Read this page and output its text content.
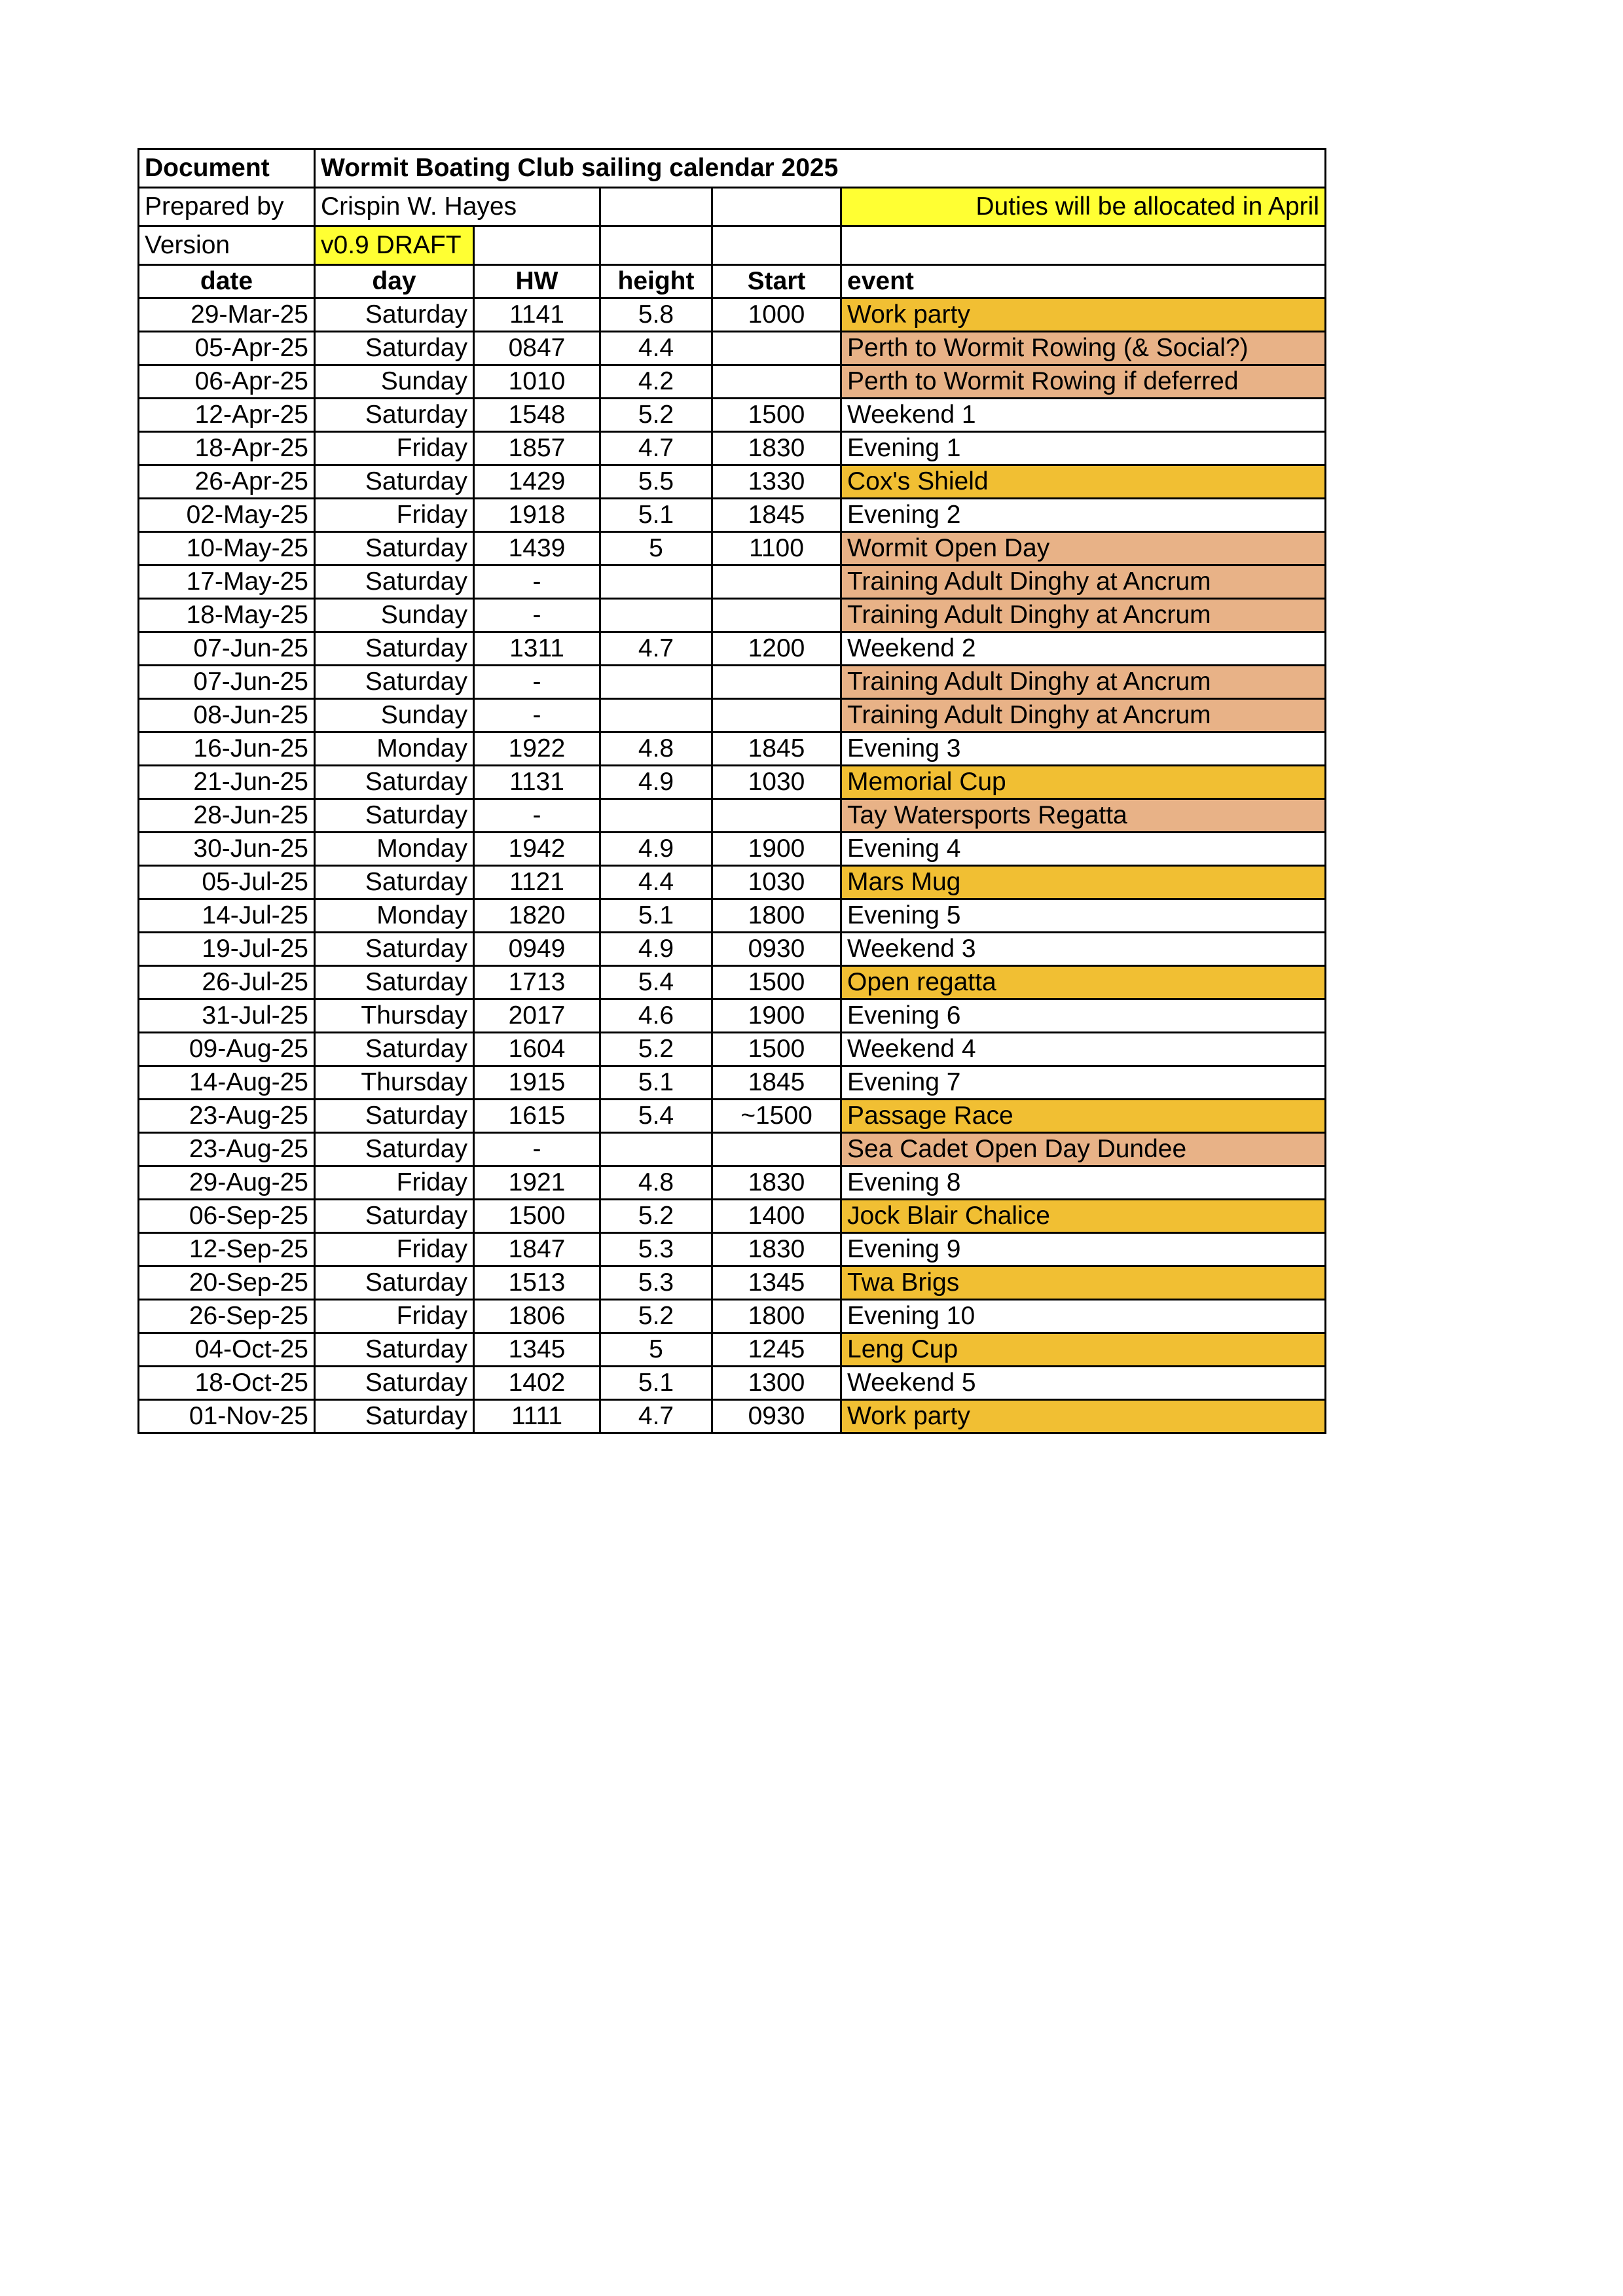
Document	Wormit Boating Club sailing calendar 2025				
Prepared by	Crispin W. Hayes				Duties will be allocated in April
Version	v0.9 DRAFT				
date	day	HW	height	Start	event
29-Mar-25	Saturday	1141	5.8	1000	Work party
05-Apr-25	Saturday	0847	4.4		Perth to Wormit Rowing (& Social?)
06-Apr-25	Sunday	1010	4.2		Perth to Wormit Rowing if deferred
12-Apr-25	Saturday	1548	5.2	1500	Weekend 1
18-Apr-25	Friday	1857	4.7	1830	Evening 1
26-Apr-25	Saturday	1429	5.5	1330	Cox's Shield
02-May-25	Friday	1918	5.1	1845	Evening 2
10-May-25	Saturday	1439	5	1100	Wormit Open Day
17-May-25	Saturday	-			Training Adult Dinghy at Ancrum
18-May-25	Sunday	-			Training Adult Dinghy at Ancrum
07-Jun-25	Saturday	1311	4.7	1200	Weekend 2
07-Jun-25	Saturday	-			Training Adult Dinghy at Ancrum
08-Jun-25	Sunday	-			Training Adult Dinghy at Ancrum
16-Jun-25	Monday	1922	4.8	1845	Evening 3
21-Jun-25	Saturday	1131	4.9	1030	Memorial Cup
28-Jun-25	Saturday	-			Tay Watersports Regatta
30-Jun-25	Monday	1942	4.9	1900	Evening 4
05-Jul-25	Saturday	1121	4.4	1030	Mars Mug
14-Jul-25	Monday	1820	5.1	1800	Evening 5
19-Jul-25	Saturday	0949	4.9	0930	Weekend 3
26-Jul-25	Saturday	1713	5.4	1500	Open regatta
31-Jul-25	Thursday	2017	4.6	1900	Evening 6
09-Aug-25	Saturday	1604	5.2	1500	Weekend 4
14-Aug-25	Thursday	1915	5.1	1845	Evening 7
23-Aug-25	Saturday	1615	5.4	~1500	Passage Race
23-Aug-25	Saturday	-			Sea Cadet Open Day Dundee
29-Aug-25	Friday	1921	4.8	1830	Evening 8
06-Sep-25	Saturday	1500	5.2	1400	Jock Blair Chalice
12-Sep-25	Friday	1847	5.3	1830	Evening 9
20-Sep-25	Saturday	1513	5.3	1345	Twa Brigs
26-Sep-25	Friday	1806	5.2	1800	Evening 10
04-Oct-25	Saturday	1345	5	1245	Leng Cup
18-Oct-25	Saturday	1402	5.1	1300	Weekend 5
01-Nov-25	Saturday	1111	4.7	0930	Work party
